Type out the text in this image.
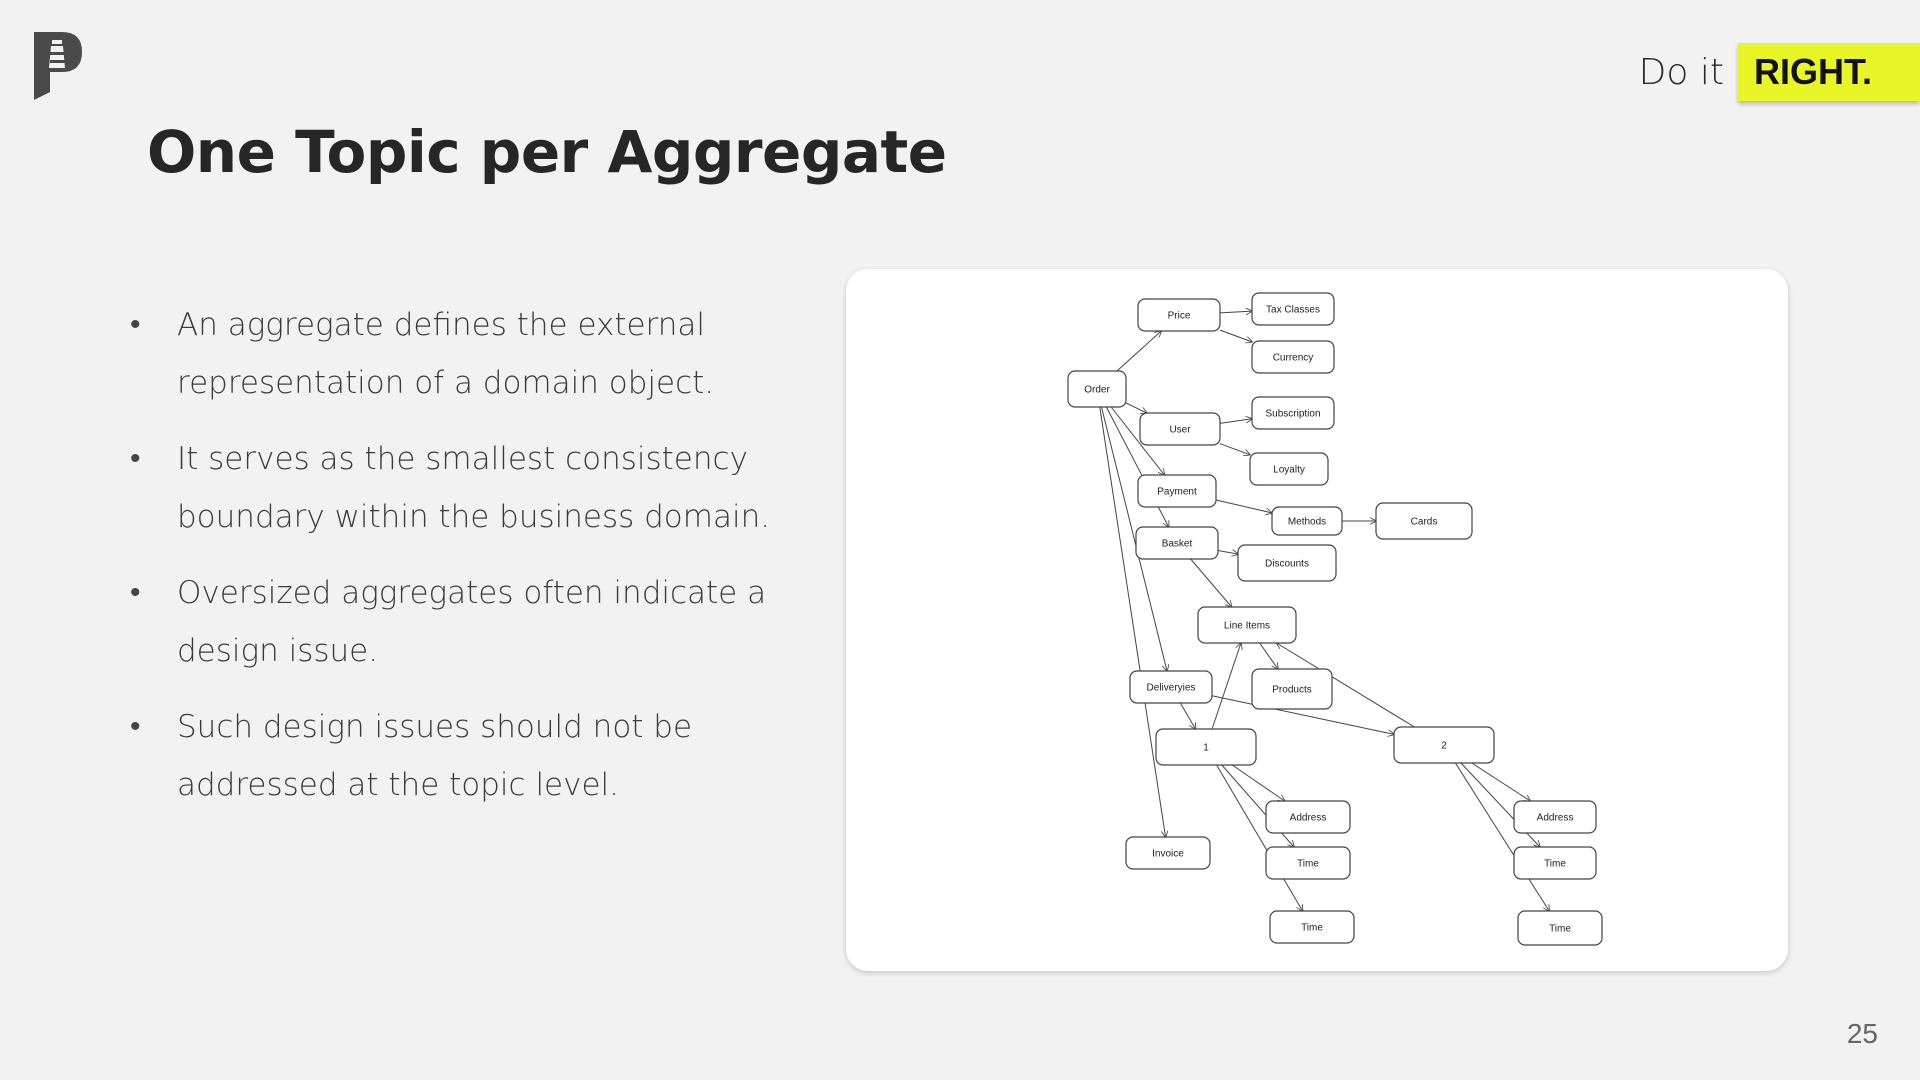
Do it RIGHT.
One Topic per Aggregate
• An aggregate defines the external representation of a domain object.
• It serves as the smallest consistency boundary within the business domain.
• Oversized aggregates often indicate a design issue.
• Such design issues should not be addressed at the topic level.
Order
Price
Tax Classes
Currency
User
Subscription
Loyalty
Payment
Methods	Cards
Basket
Discounts
Line Items
Products
Deliveryies
1	2
Address
Time
Time
Address
Time
Time
Invoice
25
